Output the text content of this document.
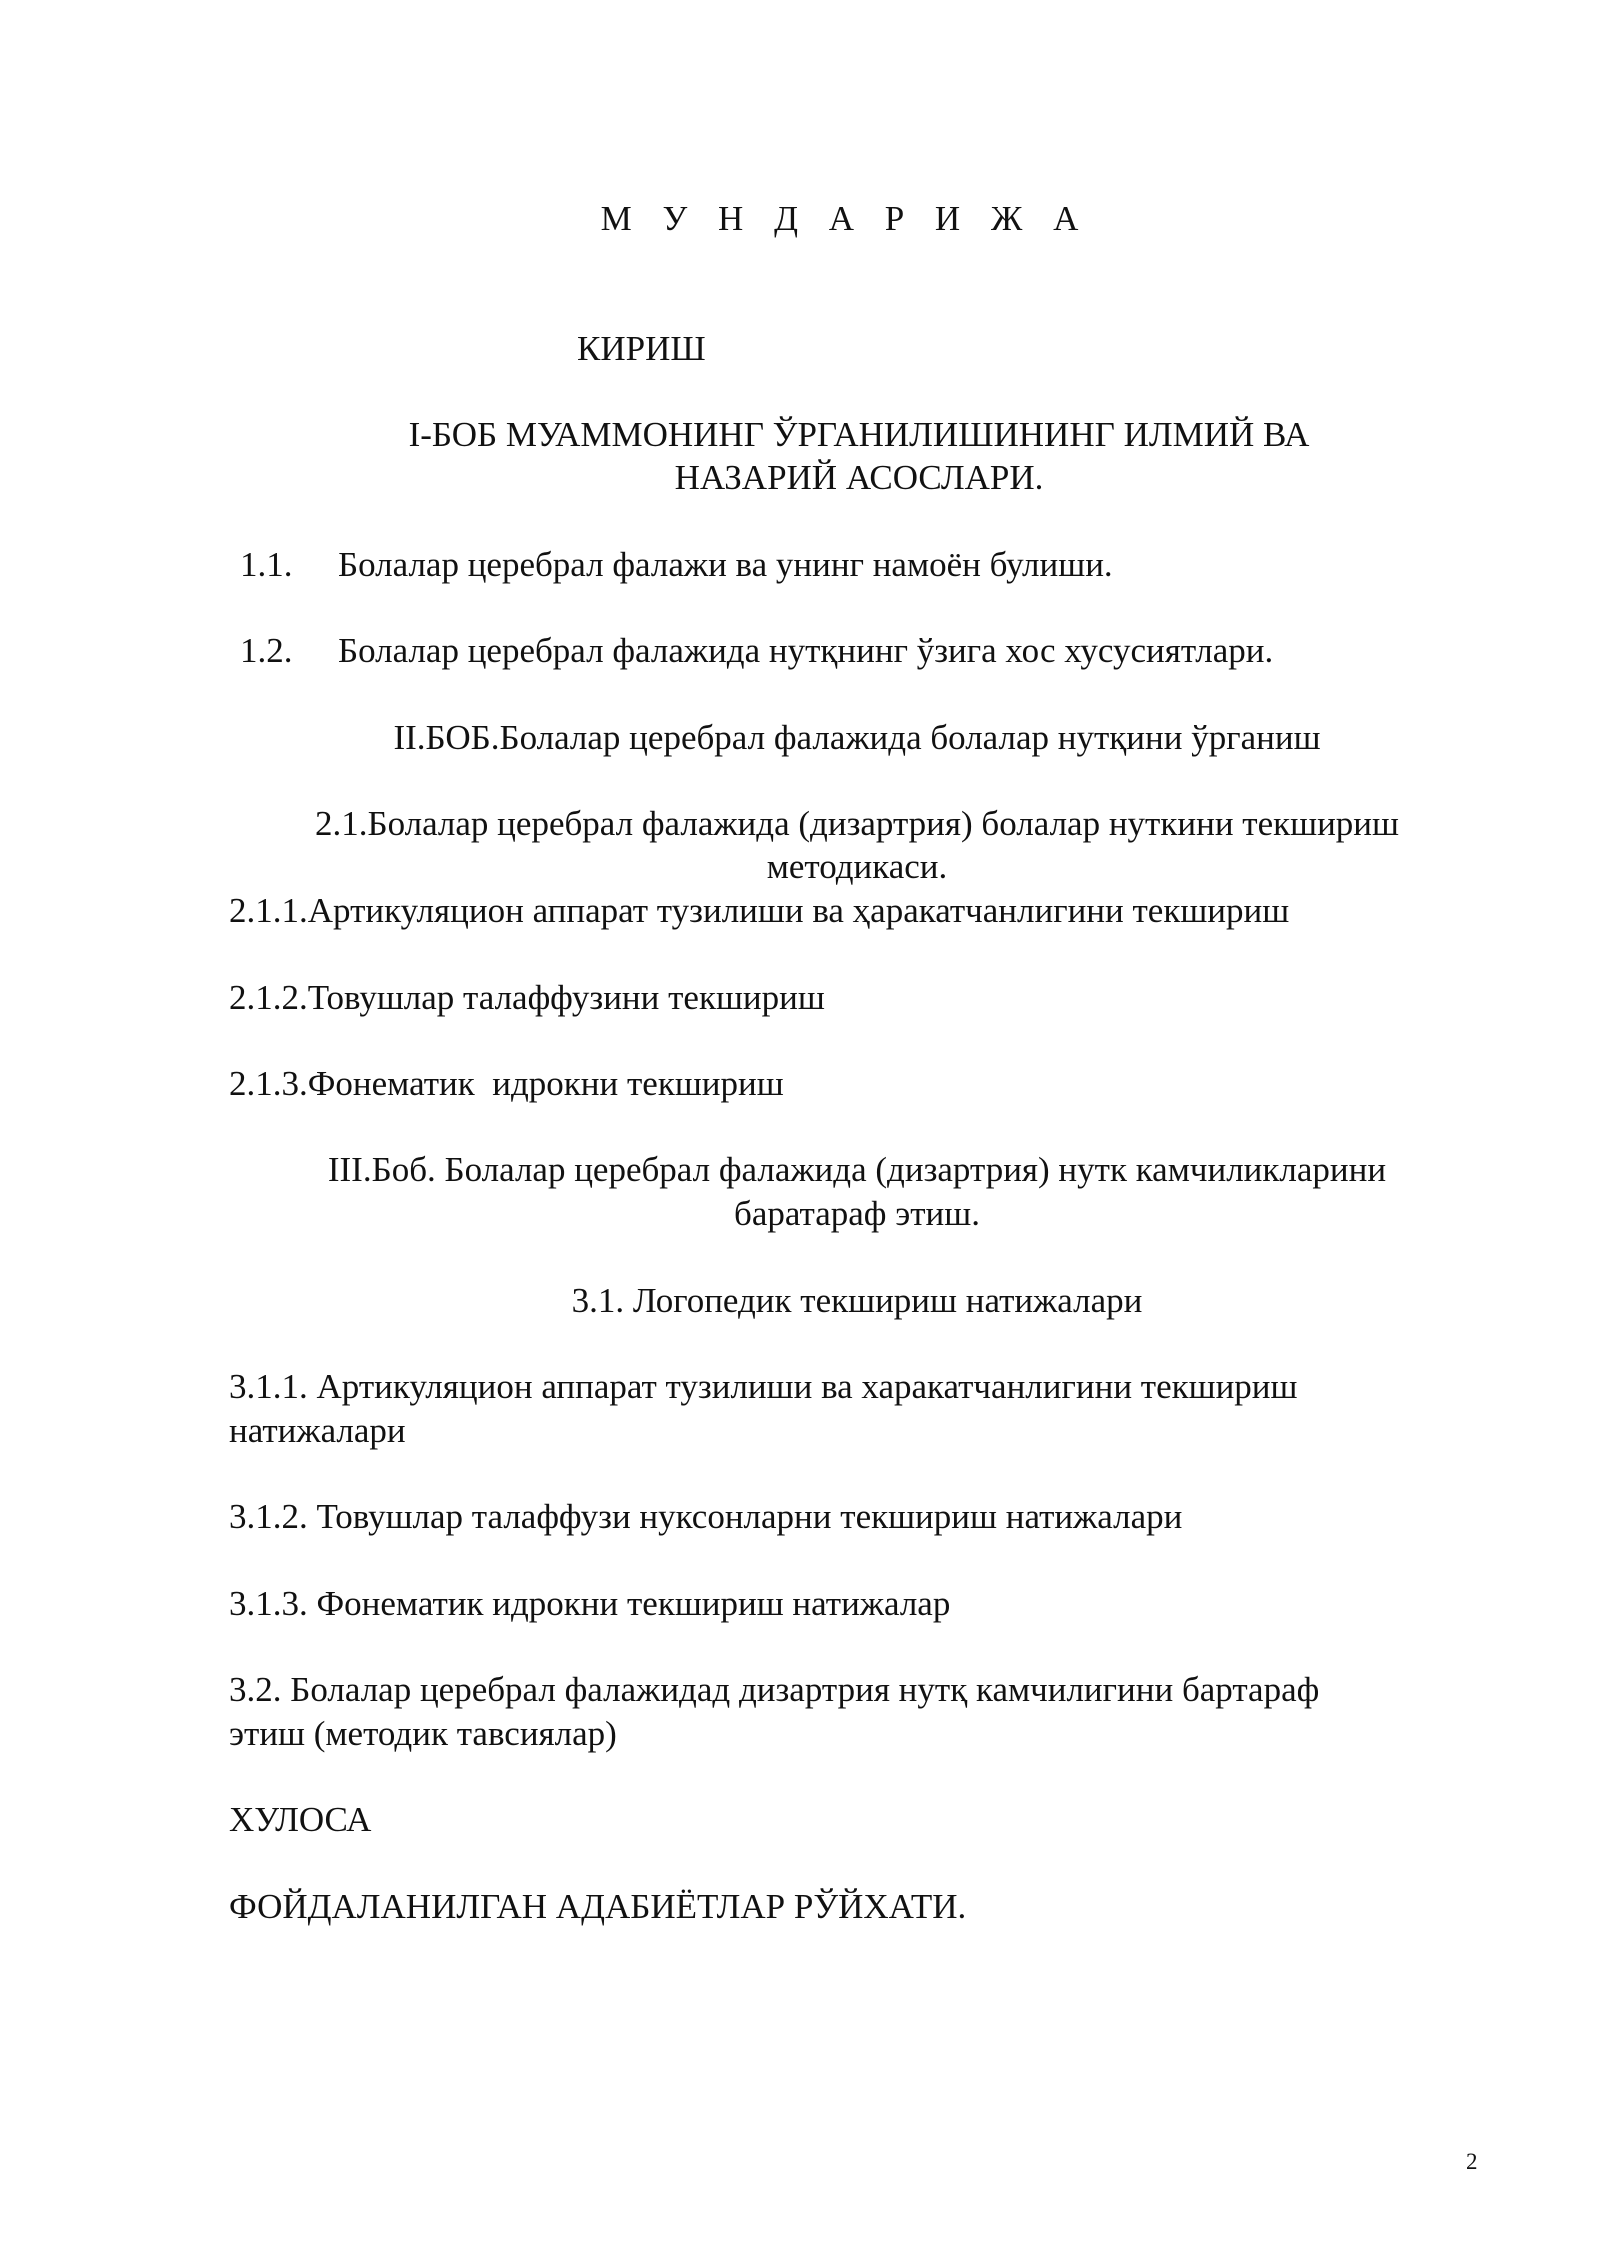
М У Н Д А Р И Ж А
КИРИШ
I-БОБ МУАММОНИНГ ЎРГАНИЛИШИНИНГ ИЛМИЙ ВА
НАЗАРИЙ АСОСЛАРИ.
1.1. Болалар церебрал фалажи ва унинг намоён булиши.
1.2. Болалар церебрал фалажида нутқнинг ўзига хос хусусиятлари.
II.БОБ.Болалар церебрал фалажида болалар нутқини ўрганиш
2.1.Болалар церебрал фалажида (дизартрия) болалар нуткини текшириш
методикаси.
2.1.1.Артикуляцион аппарат тузилиши ва ҳаракатчанлигини текшириш
2.1.2.Товушлар талаффузини текшириш
2.1.3.Фонематик  идрокни текшириш
III.Боб. Болалар церебрал фалажида (дизартрия) нутк камчиликларини
баратараф этиш.
3.1. Логопедик текшириш натижалари
3.1.1. Артикуляцион аппарат тузилиши ва харакатчанлигини текшириш
натижалари
3.1.2. Товушлар талаффузи нуксонларни текшириш натижалари
3.1.3. Фонематик идрокни текшириш натижалар
3.2. Болалар церебрал фалажидад дизартрия нутқ камчилигини бартараф
этиш (методик тавсиялар)
ХУЛОСА
ФОЙДАЛАНИЛГАН АДАБИЁТЛАР РЎЙХАТИ.
2
